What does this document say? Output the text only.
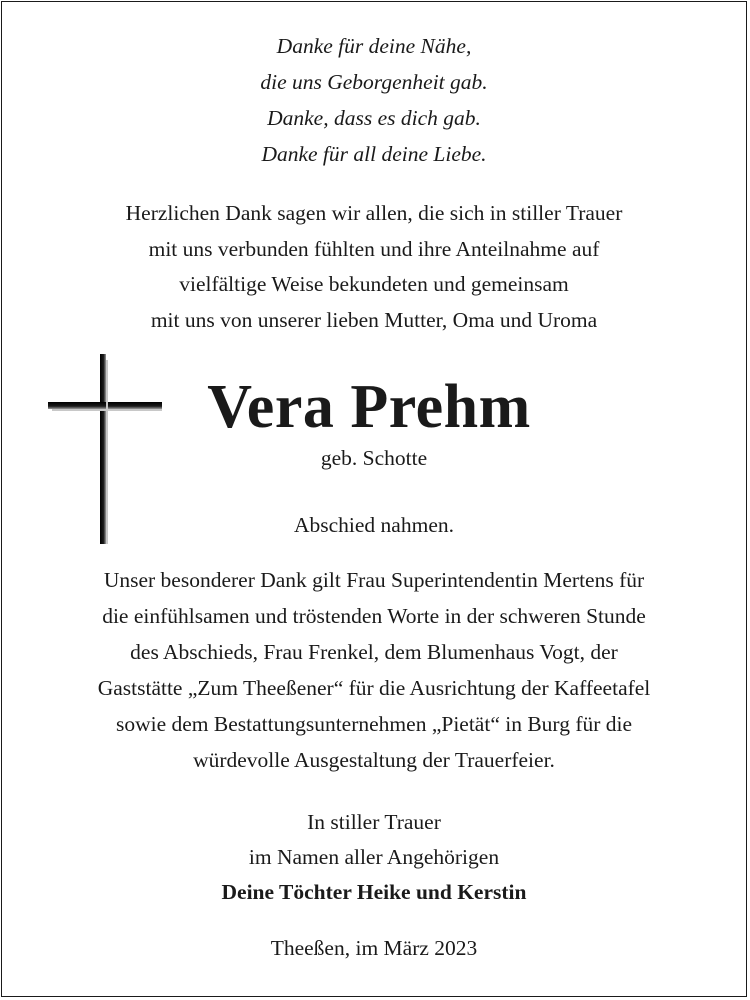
Danke für deine Nähe,
die uns Geborgenheit gab.
Danke, dass es dich gab.
Danke für all deine Liebe.
Herzlichen Dank sagen wir allen, die sich in stiller Trauer
mit uns verbunden fühlten und ihre Anteilnahme auf
vielfältige Weise bekundeten und gemeinsam
mit uns von unserer lieben Mutter, Oma und Uroma
Vera Prehm
geb. Schotte
Abschied nahmen.
Unser besonderer Dank gilt Frau Superintendentin Mertens für
die einfühlsamen und tröstenden Worte in der schweren Stunde
des Abschieds, Frau Frenkel, dem Blumenhaus Vogt, der
Gaststätte „Zum Theeßener“ für die Ausrichtung der Kaffeetafel
sowie dem Bestattungsunternehmen „Pietät“ in Burg für die
würdevolle Ausgestaltung der Trauerfeier.
In stiller Trauer
im Namen aller Angehörigen
Deine Töchter Heike und Kerstin
Theeßen, im März 2023
